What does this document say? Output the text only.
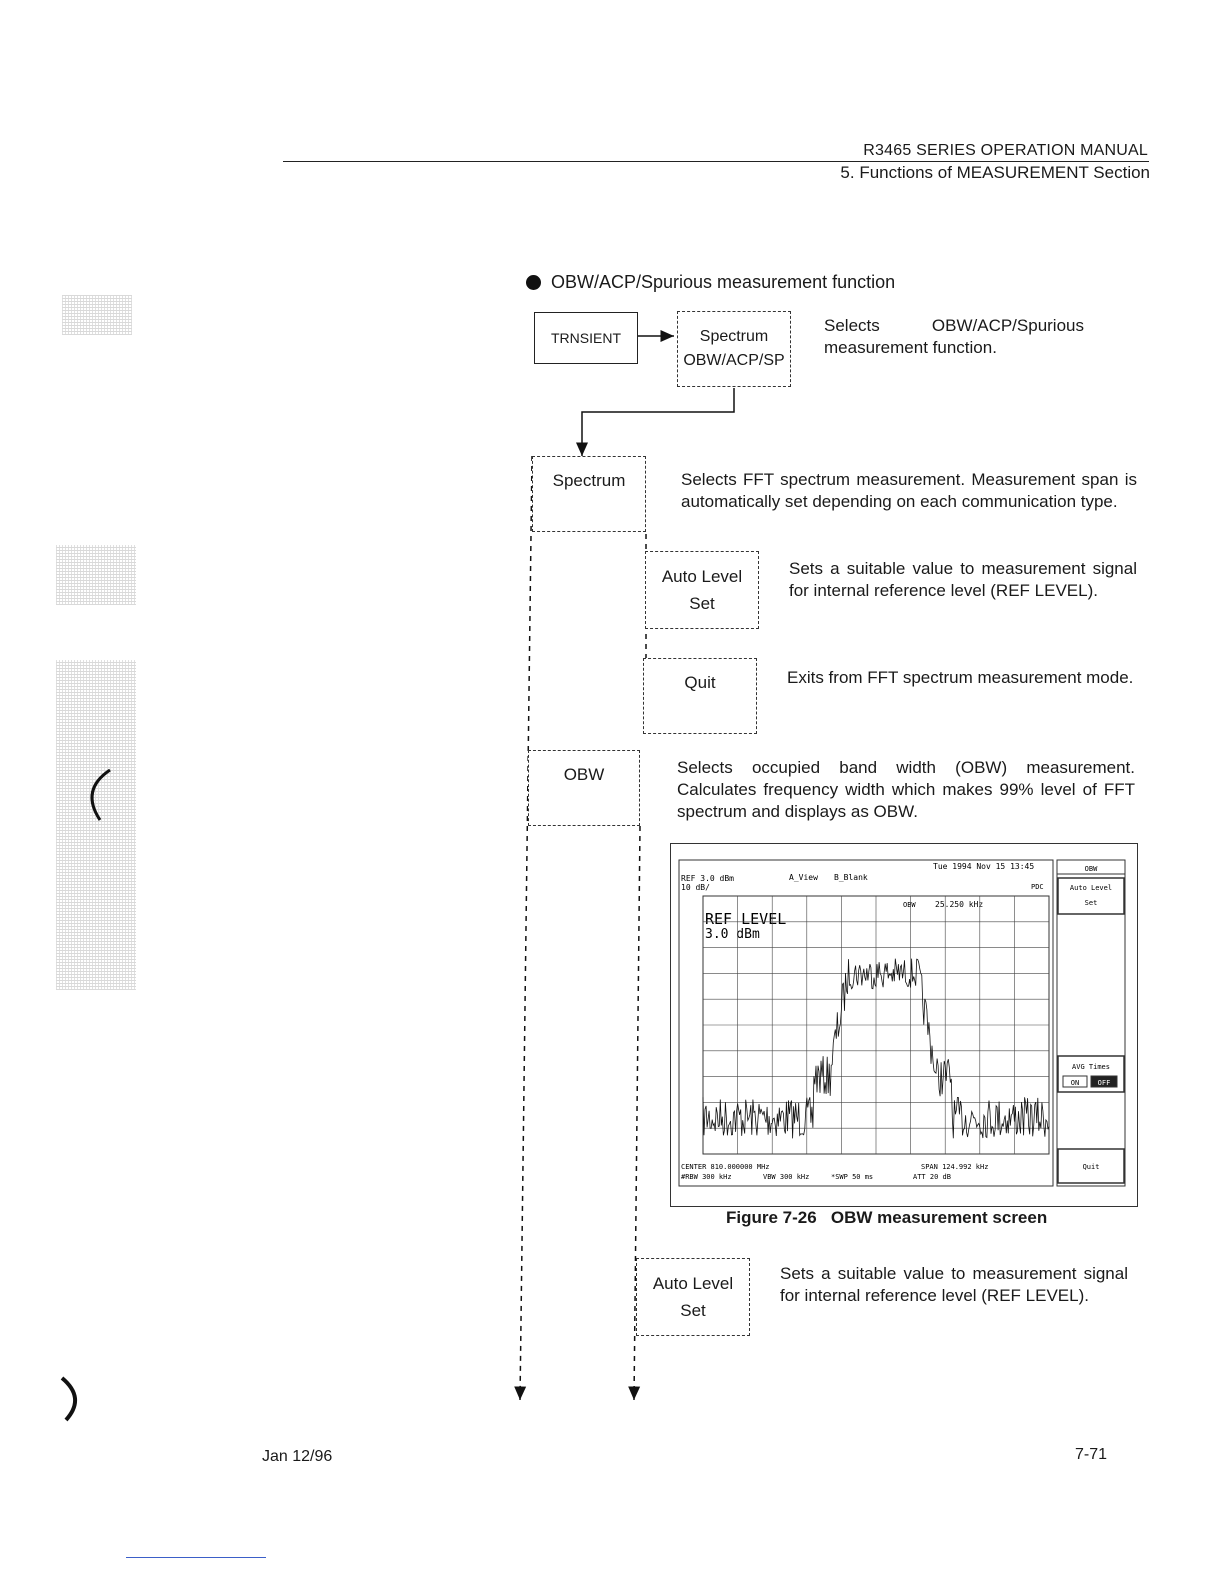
R3465 SERIES OPERATION MANUAL
5. Functions of MEASUREMENT Section
OBW/ACP/Spurious measurement function
TRNSIENT	Spectrum
OBW/ACP/SP
Selects OBW/ACP/Spurious measurement function.
Spectrum	Selects FFT spectrum measurement. Measurement span is automatically set depending on each communication type.
Auto Level
Set
Sets a suitable value to measurement signal for internal reference level (REF LEVEL).
Quit	Exits from FFT spectrum measurement mode.
OBW	Selects occupied band width (OBW) measurement. Calculates frequency width which makes 99% level of FFT spectrum and displays as OBW.
Tue 1994 Nov 15 13:45
REF 3.0 dBm
10 dB/
A_View B_Blank
PDC
OBW 25.250 kHz
REF LEVEL
3.0 dBm
CENTER 810.000000 MHz	SPAN 124.992 kHz
#RBW 300 kHz	VBW 300 kHz	*SWP 50 ms	ATT 20 dB
OBW
Auto Level
Set
AVG Times
ON	OFF
Quit
Figure 7-26   OBW measurement screen
Auto Level
Set
Sets a suitable value to measurement signal for internal reference level (REF LEVEL).
Jan 12/96	7-71
